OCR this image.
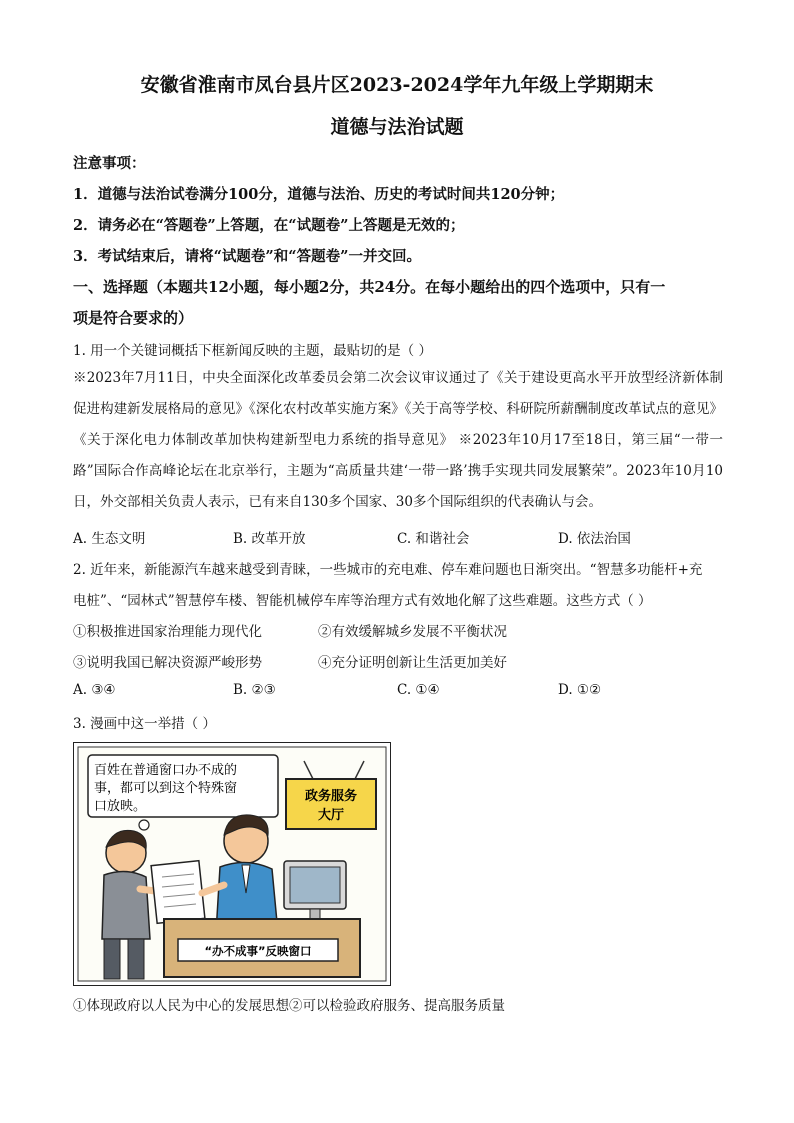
安徽省淮南市凤台县片区2023-2024学年九年级上学期期末
道德与法治试题
注意事项：
1．道德与法治试卷满分100分，道德与法治、历史的考试时间共120分钟；
2．请务必在“答题卷”上答题，在“试题卷”上答题是无效的；
3．考试结束后，请将“试题卷”和“答题卷”一并交回。
一、选择题（本题共12小题，每小题2分，共24分。在每小题给出的四个选项中，只有一
项是符合要求的）
1. 用一个关键词概括下框新闻反映的主题，最贴切的是（ ）
※2023年7月11日，中央全面深化改革委员会第二次会议审议通过了《关于建设更高水平开放型经济新体制促进构建新发展格局的意见》《深化农村改革实施方案》《关于高等学校、科研院所薪酬制度改革试点的意见》《关于深化电力体制改革加快构建新型电力系统的指导意见》 ※2023年10月17至18日，第三届“一带一路”国际合作高峰论坛在北京举行，主题为“高质量共建‘一带一路’携手实现共同发展繁荣”。2023年10月10日，外交部相关负责人表示，已有来自130多个国家、30多个国际组织的代表确认与会。
A. 生态文明	B. 改革开放	C. 和谐社会	D. 依法治国
2. 近年来，新能源汽车越来越受到青睐，一些城市的充电难、停车难问题也日渐突出。“智慧多功能杆+充
电桩”、“园林式”智慧停车楼、智能机械停车库等治理方式有效地化解了这些难题。这些方式（ ）
①积极推进国家治理能力现代化	②有效缓解城乡发展不平衡状况
③说明我国已解决资源严峻形势	④充分证明创新让生活更加美好
A. ③④	B. ②③	C. ①④	D. ①②
3. 漫画中这一举措（ ）
百姓在普通窗口办不成的
事，都可以到这个特殊窗
口放映。
政务服务
大厅
“办不成事”反映窗口
①体现政府以人民为中心的发展思想②可以检验政府服务、提高服务质量
